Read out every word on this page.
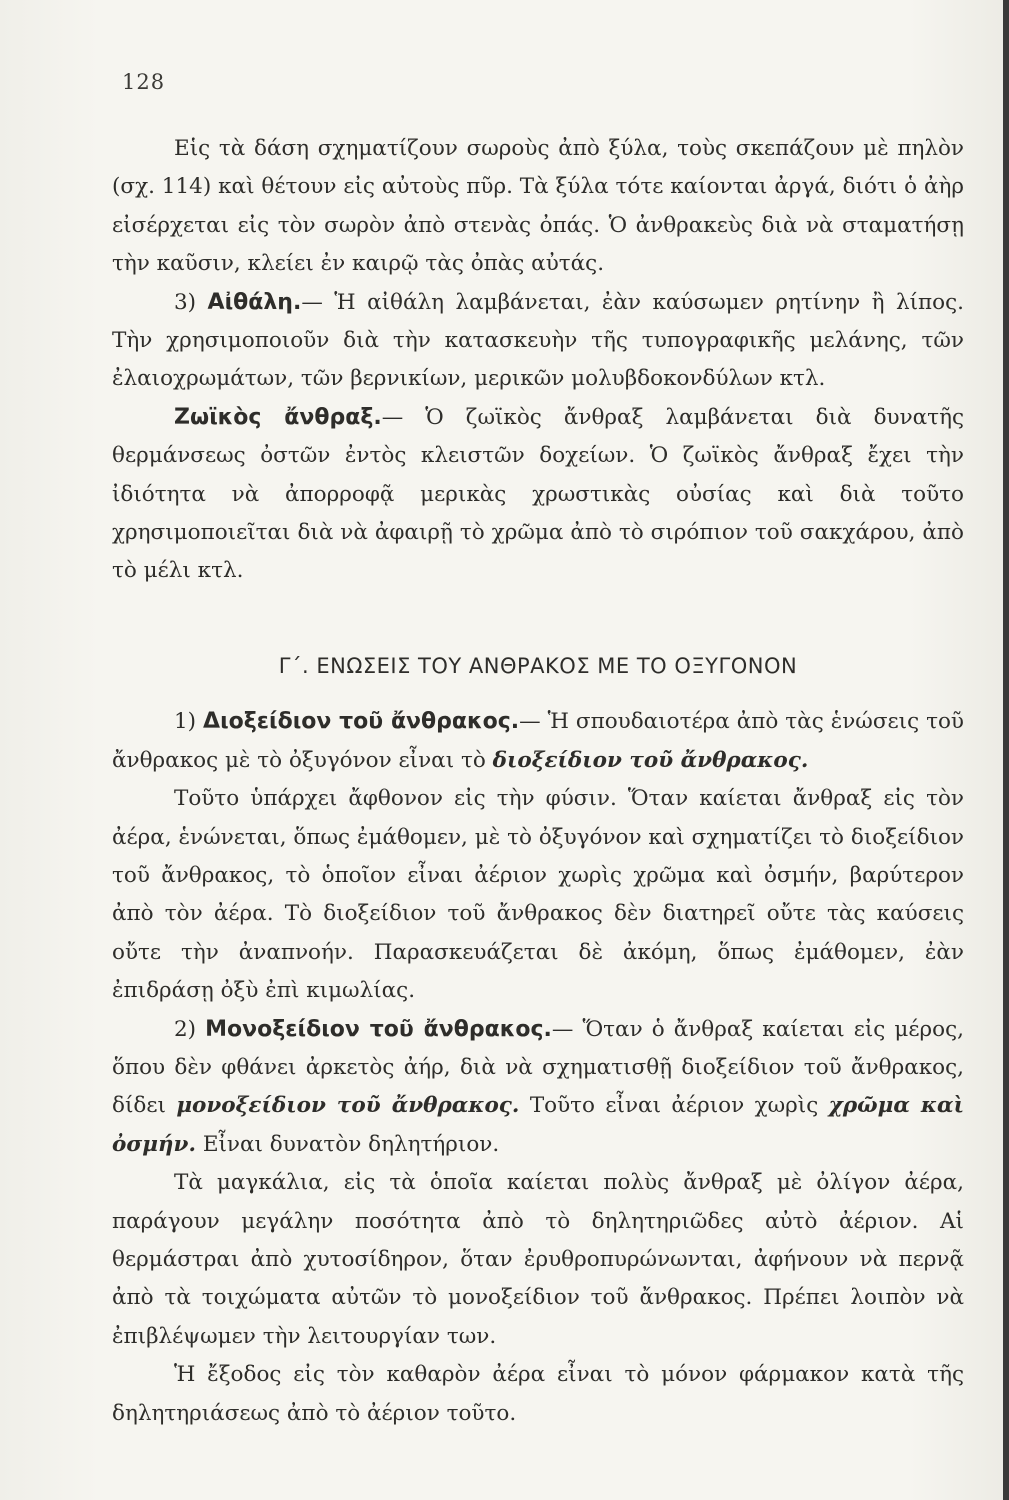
128

Εἱς τὰ δάση σχηματίζουν σωροὺς ἀπὸ ξύλα, τοὺς σκεπάζουν μὲ πηλὸν (σχ. 114) καὶ θέτουν εἰς αὐτοὺς πῦρ. Τὰ ξύλα τότε καίονται ἀργά, διότι ὁ ἀὴρ εἰσέρχεται εἰς τὸν σωρὸν ἀπὸ στενὰς ὀπάς. Ὁ ἀνθρακεὺς διὰ νὰ σταματήσῃ τὴν καῦσιν, κλείει ἐν καιρῷ τὰς ὀπὰς αὐτάς.

3) Αἰθάλη.— Ἡ αἰθάλη λαμβάνεται, ἐὰν καύσωμεν ρητίνην ἢ λίπος. Τὴν χρησιμοποιοῦν διὰ τὴν κατασκευὴν τῆς τυπογραφικῆς μελάνης, τῶν ἐλαιοχρωμάτων, τῶν βερνικίων, μερικῶν μολυβδοκονδύλων κτλ.

Ζωϊκὸς ἄνθραξ.— Ὁ ζωϊκὸς ἄνθραξ λαμβάνεται διὰ δυνατῆς θερμάνσεως ὀστῶν ἐντὸς κλειστῶν δοχείων. Ὁ ζωϊκὸς ἄνθραξ ἔχει τὴν ἰδιότητα νὰ ἀπορροφᾷ μερικὰς χρωστικὰς οὐσίας καὶ διὰ τοῦτο χρησιμοποιεῖται διὰ νὰ ἀφαιρῇ τὸ χρῶμα ἀπὸ τὸ σιρόπιον τοῦ σακχάρου, ἀπὸ τὸ μέλι κτλ.

Γ΄. ΕΝΩΣΕΙΣ ΤΟΥ ΑΝΘΡΑΚΟΣ ΜΕ ΤΟ ΟΞΥΓΟΝΟΝ

1) Διοξείδιον τοῦ ἄνθρακος.— Ἡ σπουδαιοτέρα ἀπὸ τὰς ἑνώσεις τοῦ ἄνθρακος μὲ τὸ ὀξυγόνον εἶναι τὸ διοξείδιον τοῦ ἄνθρακος.

Τοῦτο ὑπάρχει ἄφθονον εἰς τὴν φύσιν. Ὅταν καίεται ἄνθραξ εἰς τὸν ἀέρα, ἑνώνεται, ὅπως ἐμάθομεν, μὲ τὸ ὀξυγόνον καὶ σχηματίζει τὸ διοξείδιον τοῦ ἄνθρακος, τὸ ὁποῖον εἶναι ἀέριον χωρὶς χρῶμα καὶ ὀσμήν, βαρύτερον ἀπὸ τὸν ἀέρα. Τὸ διοξείδιον τοῦ ἄνθρακος δὲν διατηρεῖ οὔτε τὰς καύσεις οὔτε τὴν ἀναπνοήν. Παρασκευάζεται δὲ ἀκόμη, ὅπως ἐμάθομεν, ἐὰν ἐπιδράσῃ ὀξὺ ἐπὶ κιμωλίας.

2) Μονοξείδιον τοῦ ἄνθρακος.— Ὅταν ὁ ἄνθραξ καίεται εἰς μέρος, ὅπου δὲν φθάνει ἀρκετὸς ἀήρ, διὰ νὰ σχηματισθῇ διοξείδιον τοῦ ἄνθρακος, δίδει μονοξείδιον τοῦ ἄνθρακος. Τοῦτο εἶναι ἀέριον χωρὶς χρῶμα καὶ ὀσμήν. Εἶναι δυνατὸν δηλητήριον.

Τὰ μαγκάλια, εἰς τὰ ὁποῖα καίεται πολὺς ἄνθραξ μὲ ὀλίγον ἀέρα, παράγουν μεγάλην ποσότητα ἀπὸ τὸ δηλητηριῶδες αὐτὸ ἀέριον. Αἱ θερμάστραι ἀπὸ χυτοσίδηρον, ὅταν ἐρυθροπυρώνωνται, ἀφήνουν νὰ περνᾷ ἀπὸ τὰ τοιχώματα αὐτῶν τὸ μονοξείδιον τοῦ ἄνθρακος. Πρέπει λοιπὸν νὰ ἐπιβλέψωμεν τὴν λειτουργίαν των.

Ἡ ἔξοδος εἰς τὸν καθαρὸν ἀέρα εἶναι τὸ μόνον φάρμακον κατὰ τῆς δηλητηριάσεως ἀπὸ τὸ ἀέριον τοῦτο.
